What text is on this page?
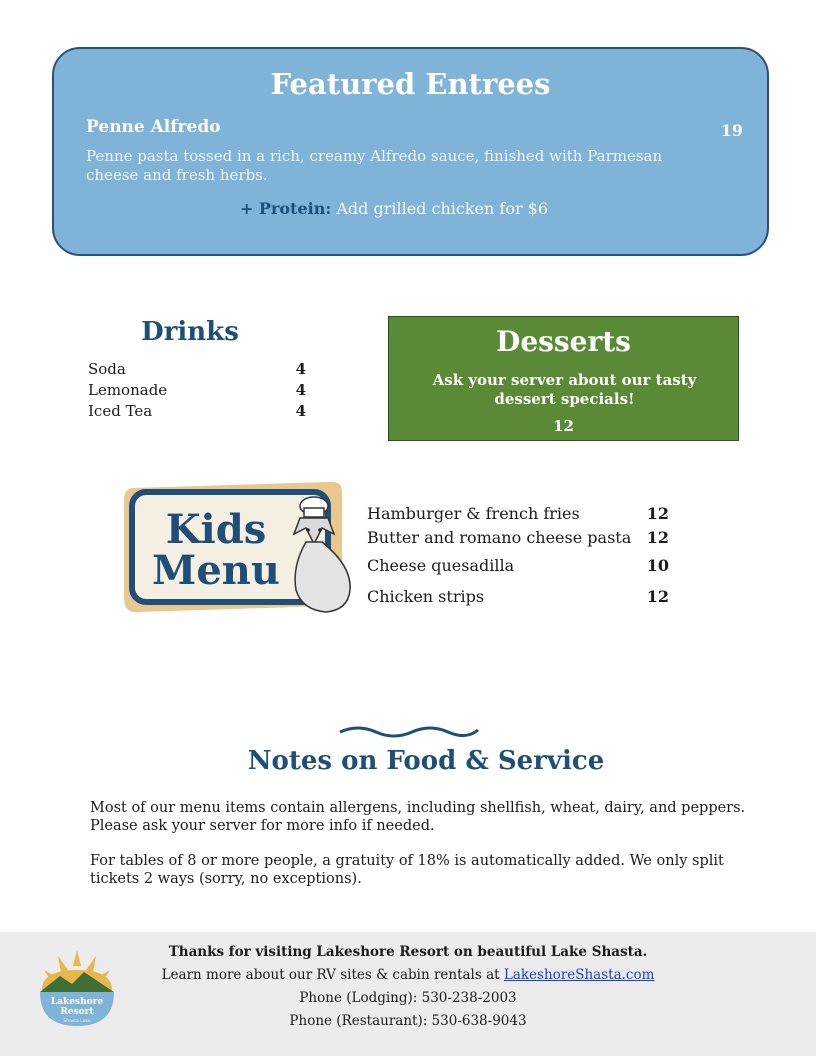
Featured Entrees
Penne Alfredo	19
Penne pasta tossed in a rich, creamy Alfredo sauce, finished with Parmesan cheese and fresh herbs.
+ Protein: Add grilled chicken for $6
Drinks
Soda	4
Lemonade	4
Iced Tea	4
Desserts
Ask your server about our tasty dessert specials!
12
Kids
Menu
Hamburger & french fries	12
Butter and romano cheese pasta 12
Cheese quesadilla	10
Chicken strips	12
Notes on Food & Service
Most of our menu items contain allergens, including shellfish, wheat, dairy, and peppers. Please ask your server for more info if needed.
For tables of 8 or more people, a gratuity of 18% is automatically added. We only split tickets 2 ways (sorry, no exceptions).
Thanks for visiting Lakeshore Resort on beautiful Lake Shasta.
Learn more about our RV sites & cabin rentals at LakeshoreShasta.com
Phone (Lodging): 530-238-2003
Phone (Restaurant): 530-638-9043
Lakeshore
Resort
Shasta Lake
